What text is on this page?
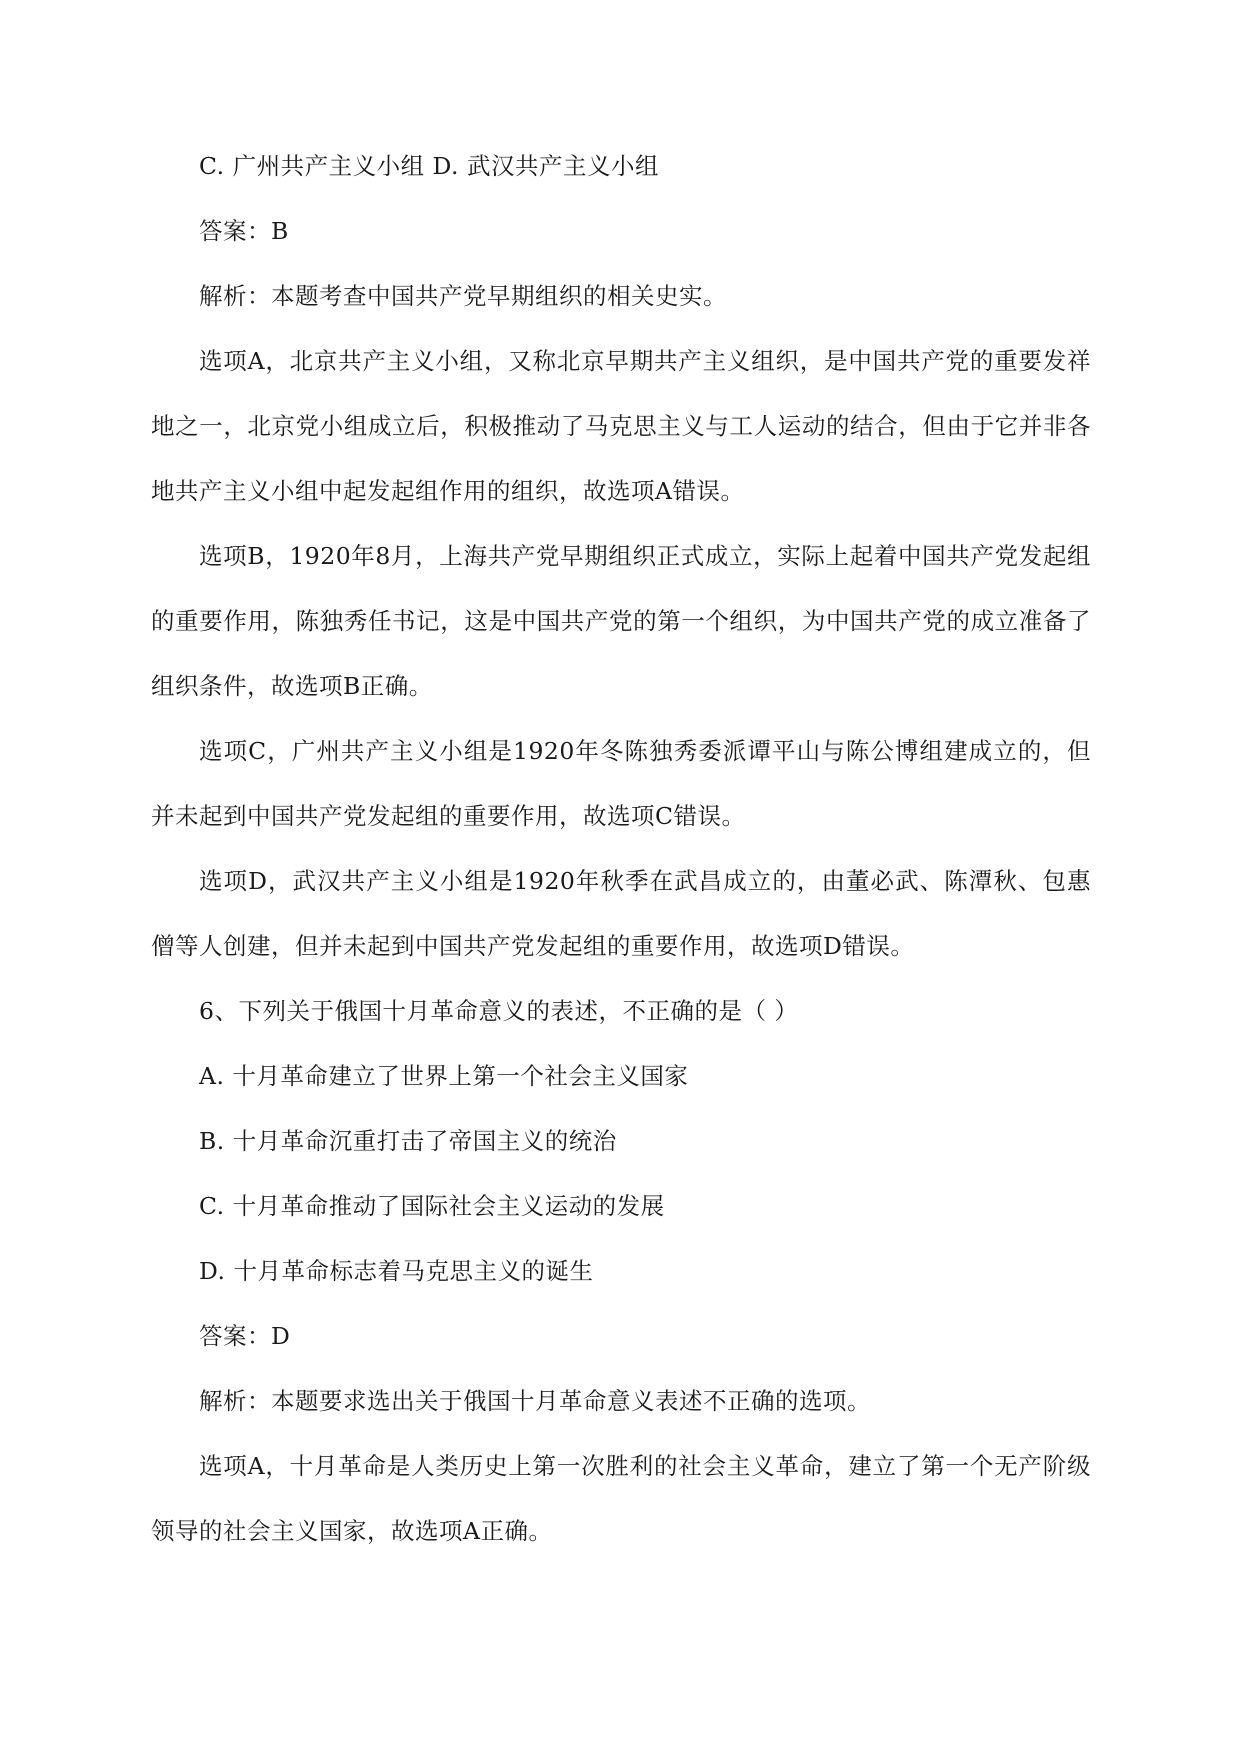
C. 广州共产主义小组 D. 武汉共产主义小组

答案：B

解析：本题考查中国共产党早期组织的相关史实。

选项A，北京共产主义小组，又称北京早期共产主义组织，是中国共产党的重要发祥地之一，北京党小组成立后，积极推动了马克思主义与工人运动的结合，但由于它并非各地共产主义小组中起发起组作用的组织，故选项A错误。

选项B，1920年8月，上海共产党早期组织正式成立，实际上起着中国共产党发起组的重要作用，陈独秀任书记，这是中国共产党的第一个组织，为中国共产党的成立准备了组织条件，故选项B正确。

选项C，广州共产主义小组是1920年冬陈独秀委派谭平山与陈公博组建成立的，但并未起到中国共产党发起组的重要作用，故选项C错误。

选项D，武汉共产主义小组是1920年秋季在武昌成立的，由董必武、陈潭秋、包惠僧等人创建，但并未起到中国共产党发起组的重要作用，故选项D错误。

6、下列关于俄国十月革命意义的表述，不正确的是（ ）

A. 十月革命建立了世界上第一个社会主义国家

B. 十月革命沉重打击了帝国主义的统治

C. 十月革命推动了国际社会主义运动的发展

D. 十月革命标志着马克思主义的诞生

答案：D

解析：本题要求选出关于俄国十月革命意义表述不正确的选项。

选项A，十月革命是人类历史上第一次胜利的社会主义革命，建立了第一个无产阶级领导的社会主义国家，故选项A正确。
